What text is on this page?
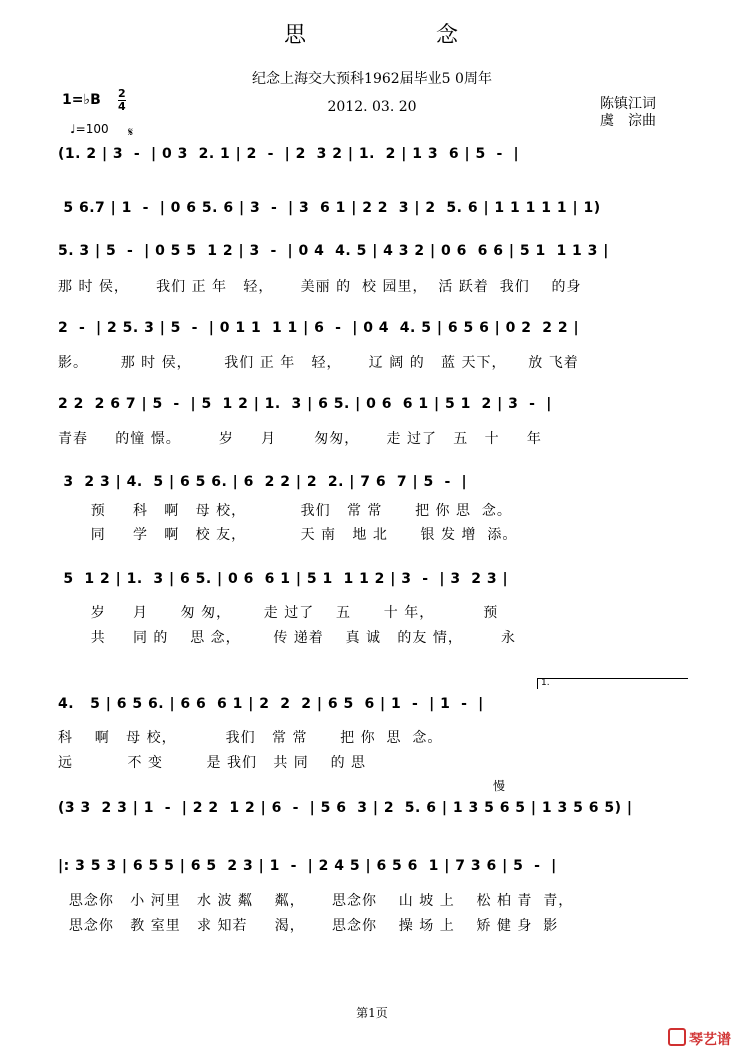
思	念
纪念上海交大预科1962届毕业5 0周年
2012. 03. 20
1=♭B 2
4
♩=100 𝄋
陈镇江词
虞　淙曲
(1. 2 | 3  -  | 0 3  2. 1 | 2  -  | 2  3 2 | 1.  2 | 1 3  6 | 5  -  |
5 6.7 | 1  -  | 0 6 5. 6 | 3  -  | 3  6 1 | 2 2  3 | 2  5. 6 | 1 1 1 1 1 | 1)
5. 3 | 5  -  | 0 5 5  1 2 | 3  -  | 0 4  4. 5 | 4 3 2 | 0 6  6 6 | 5 1  1 1 3 |
那 时 侯，     我们 正 年   轻，     美丽 的  校 园里，  活 跃着  我们    的身
2  -  | 2 5. 3 | 5  -  | 0 1 1  1 1 | 6  -  | 0 4  4. 5 | 6 5 6 | 0 2  2 2 |
影。      那 时 侯，      我们 正 年   轻，     辽 阔 的   蓝 天下，    放 飞着
2 2  2 6 7 | 5  -  | 5  1 2 | 1.  3 | 6 5. | 0 6  6 1 | 5 1  2 | 3  -  |
青春     的憧 憬。       岁     月       匆匆，     走 过了   五   十     年
3  2 3 | 4.  5 | 6 5 6. | 6  2 2 | 2  2. | 7 6  7 | 5  -  |
预     科   啊   母 校，          我们   常 常      把 你 思  念。
同     学   啊   校 友，          天 南   地 北      银 发 增  添。
5  1 2 | 1.  3 | 6 5. | 0 6  6 1 | 5 1  1 1 2 | 3  -  | 3  2 3 |
岁     月      匆 匆，      走 过了    五      十 年，         预
共     同 的    思 念，      传 递着    真 诚   的友 情，       永
1.
4.   5 | 6 5 6. | 6 6  6 1 | 2  2  2 | 6 5  6 | 1  -  | 1  -  |
科    啊   母 校，         我们   常 常      把 你  思  念。
远          不 变        是 我们   共 同    的 思
慢
(3 3  2 3 | 1  -  | 2 2  1 2 | 6  -  | 5 6  3 | 2  5. 6 | 1 3 5 6 5 | 1 3 5 6 5) |
|: 3 5 3 | 6 5 5 | 6 5  2 3 | 1  -  | 2 4 5 | 6 5 6  1 | 7 3 6 | 5  -  |
思念你   小 河里   水 波 粼    粼，     思念你    山 坡 上    松 柏 青  青，
思念你   教 室里   求 知若     渴，     思念你    操 场 上    矫 健 身  影
第1页
琴艺谱
